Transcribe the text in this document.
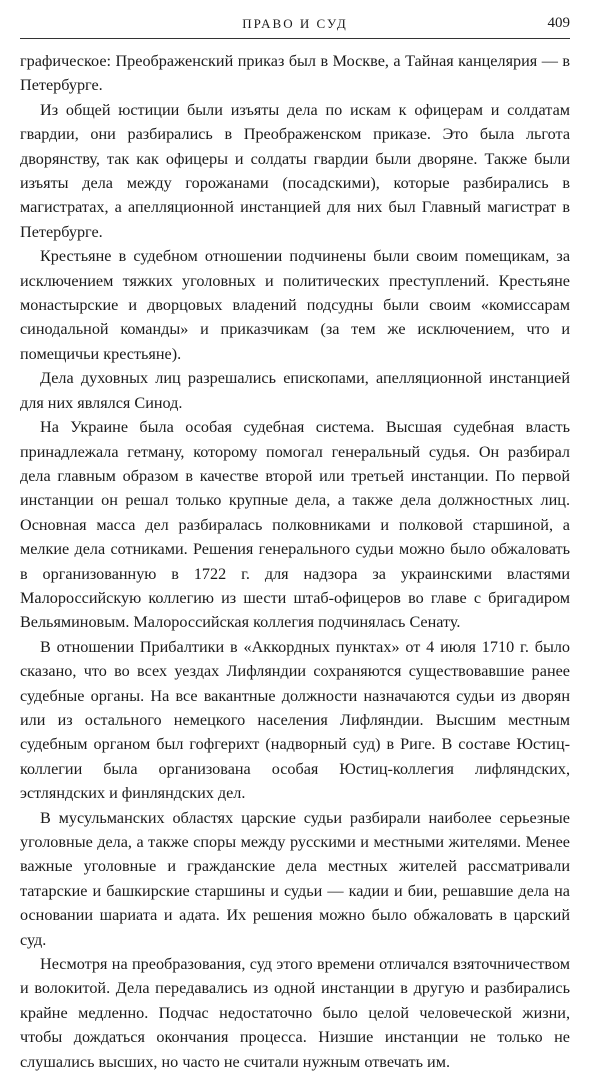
ПРАВО И СУД	409

графическое: Преображенский приказ был в Москве, а Тайная канцелярия — в Петербурге.

Из общей юстиции были изъяты дела по искам к офицерам и солдатам гвардии, они разбирались в Преображенском приказе. Это была льгота дворянству, так как офицеры и солдаты гвардии были дворяне. Также были изъяты дела между горожанами (посадскими), которые разбирались в магистратах, а апелляционной инстанцией для них был Главный магистрат в Петербурге.

Крестьяне в судебном отношении подчинены были своим помещикам, за исключением тяжких уголовных и политических преступлений. Крестьяне монастырские и дворцовых владений подсудны были своим «комиссарам синодальной команды» и приказчикам (за тем же исключением, что и помещичьи крестьяне).

Дела духовных лиц разрешались епископами, апелляционной инстанцией для них являлся Синод.

На Украине была особая судебная система. Высшая судебная власть принадлежала гетману, которому помогал генеральный судья. Он разбирал дела главным образом в качестве второй или третьей инстанции. По первой инстанции он решал только крупные дела, а также дела должностных лиц. Основная масса дел разбиралась полковниками и полковой старшиной, а мелкие дела сотниками. Решения генерального судьи можно было обжаловать в организованную в 1722 г. для надзора за украинскими властями Малороссийскую коллегию из шести штаб-офицеров во главе с бригадиром Вельяминовым. Малороссийская коллегия подчинялась Сенату.

В отношении Прибалтики в «Аккордных пунктах» от 4 июля 1710 г. было сказано, что во всех уездах Лифляндии сохраняются существовавшие ранее судебные органы. На все вакантные должности назначаются судьи из дворян или из остального немецкого населения Лифляндии. Высшим местным судебным органом был гофгерихт (надворный суд) в Риге. В составе Юстиц-коллегии была организована особая Юстиц-коллегия лифляндских, эстляндских и финляндских дел.

В мусульманских областях царские судьи разбирали наиболее серьезные уголовные дела, а также споры между русскими и местными жителями. Менее важные уголовные и гражданские дела местных жителей рассматривали татарские и башкирские старшины и судьи — кадии и бии, решавшие дела на основании шариата и адата. Их решения можно было обжаловать в царский суд.

Несмотря на преобразования, суд этого времени отличался взяточничеством и волокитой. Дела передавались из одной инстанции в другую и разбирались крайне медленно. Подчас недостаточно было целой человеческой жизни, чтобы дождаться окончания процесса. Низшие инстанции не только не слушались высших, но часто не считали нужным отвечать им.
